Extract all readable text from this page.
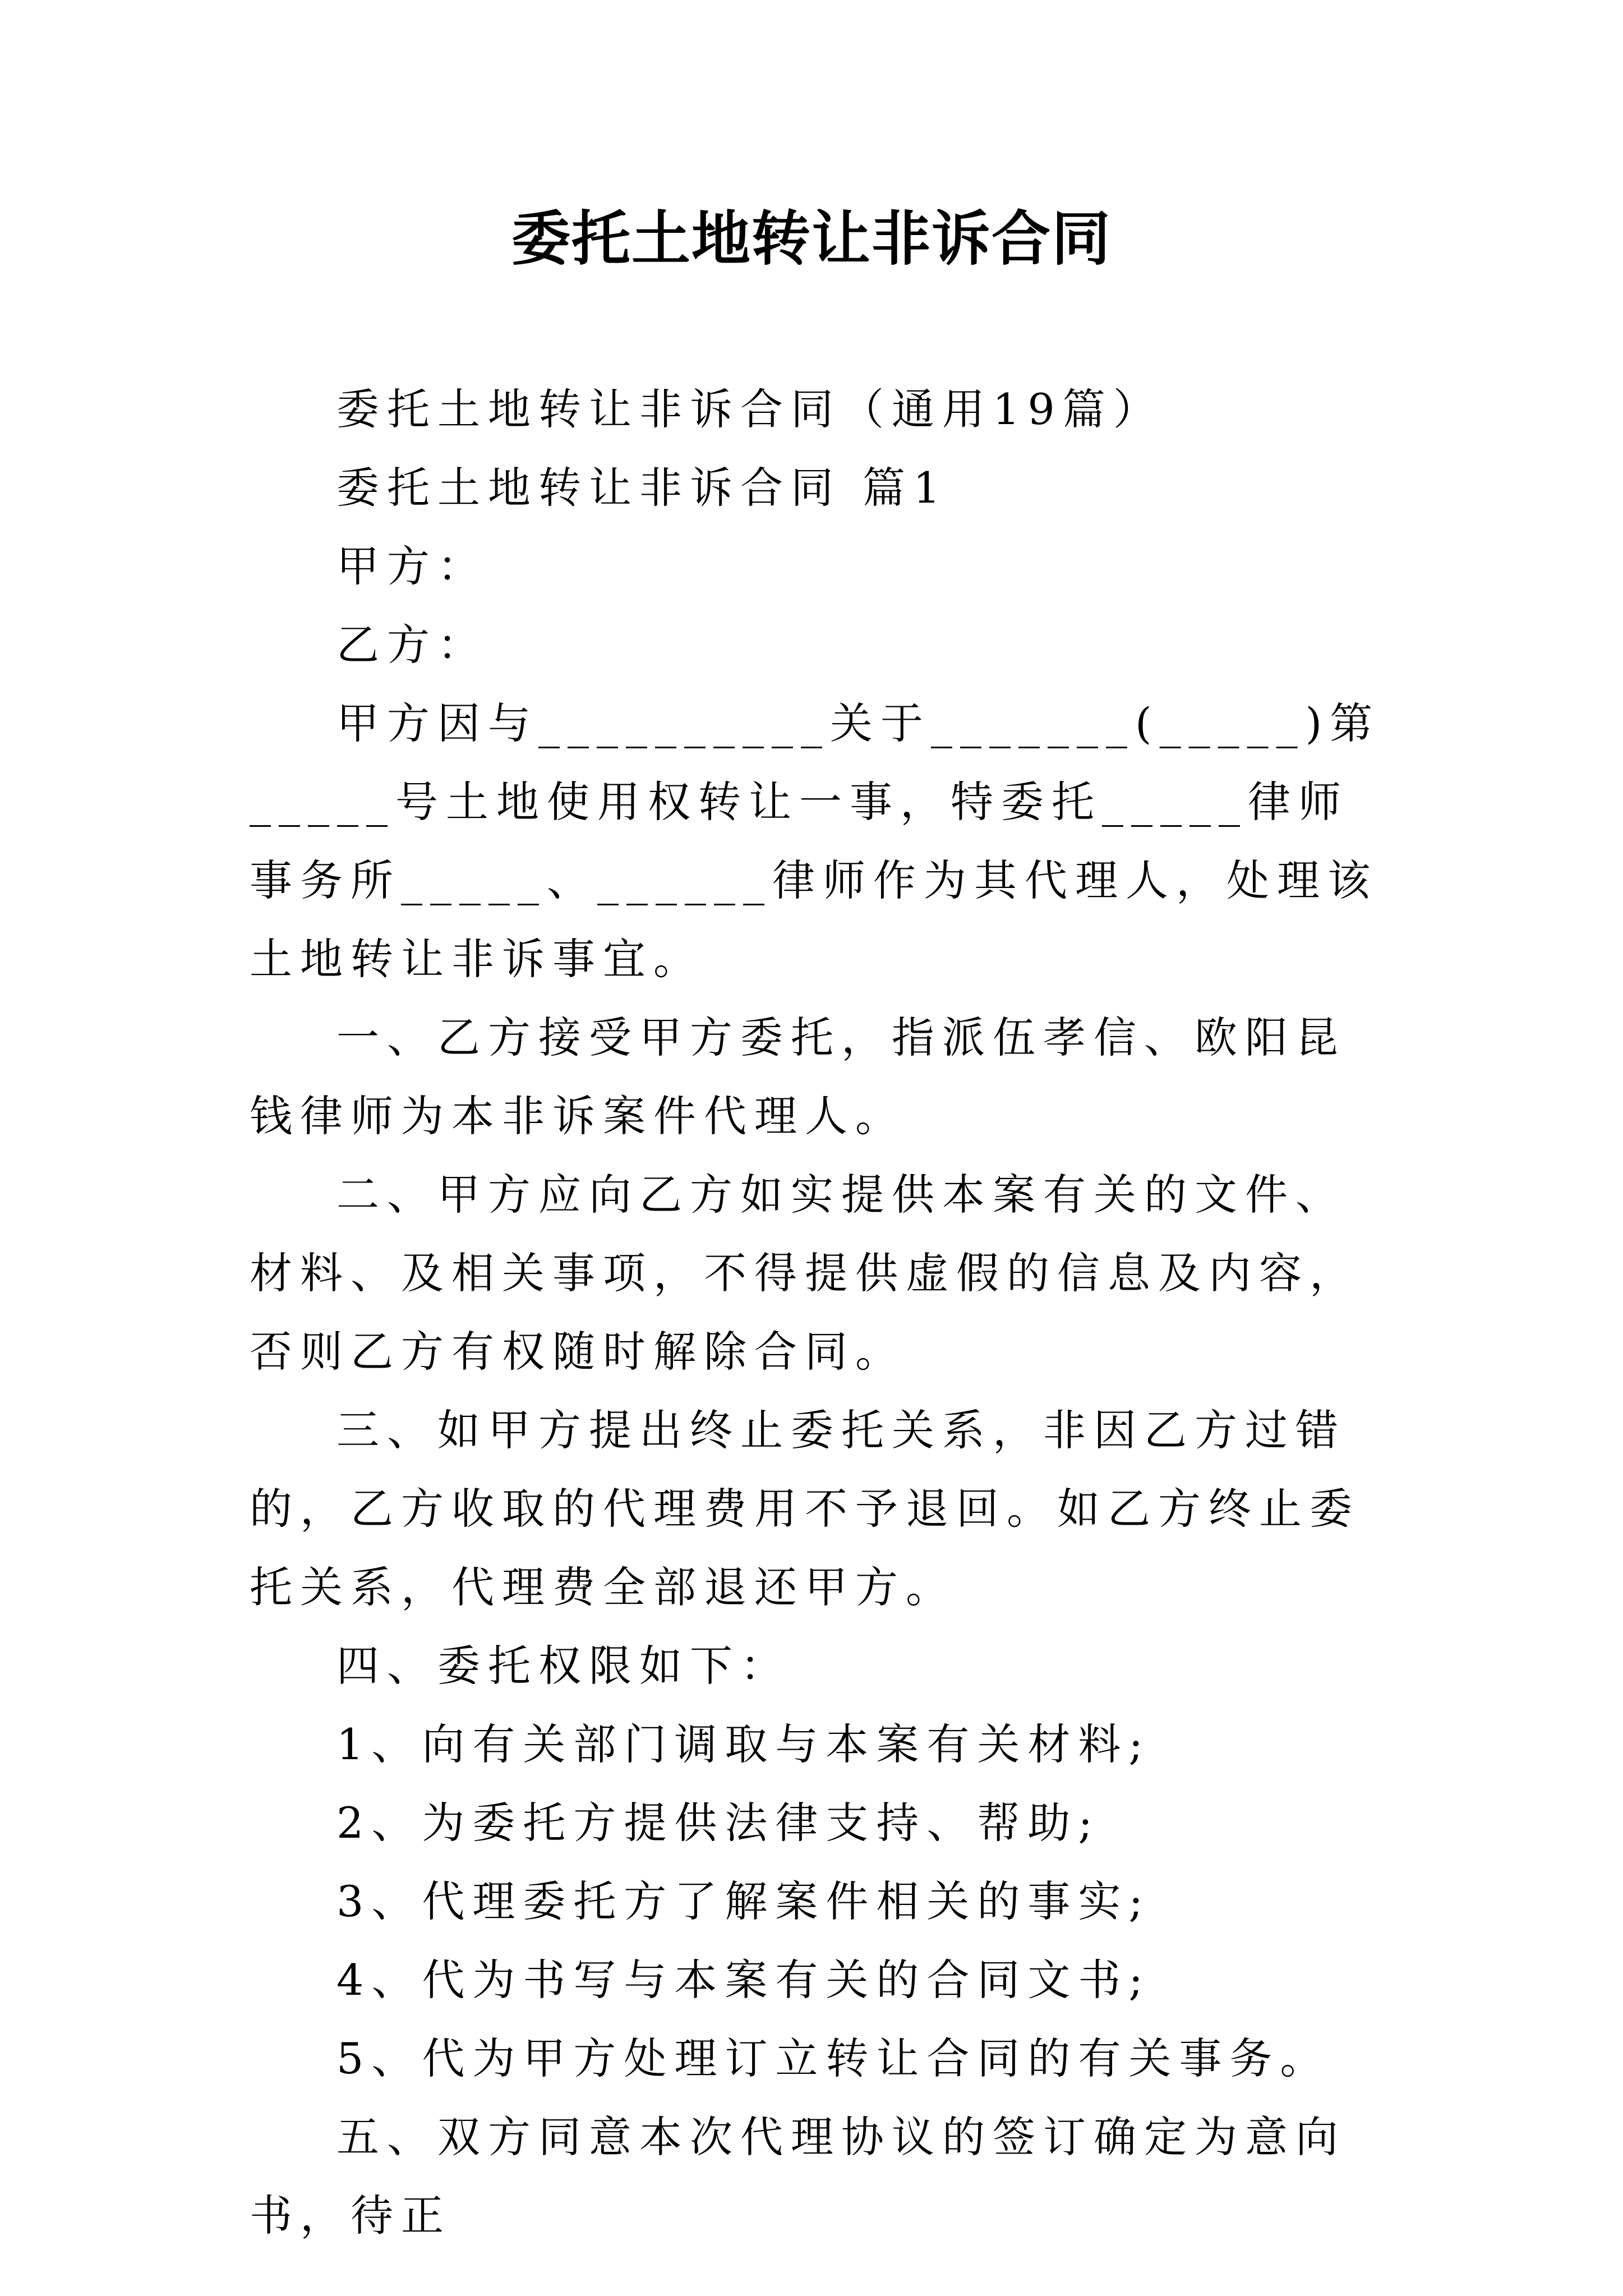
委托土地转让非诉合同

委托土地转让非诉合同（通用19篇）

委托土地转让非诉合同 篇1

甲方：

乙方：

甲方因与__________关于_______(_____)第_____号土地使用权转让一事，特委托_____律师事务所_____、______律师作为其代理人，处理该土地转让非诉事宜。

一、乙方接受甲方委托，指派伍孝信、欧阳昆钱律师为本非诉案件代理人。

二、甲方应向乙方如实提供本案有关的文件、材料、及相关事项，不得提供虚假的信息及内容，否则乙方有权随时解除合同。

三、如甲方提出终止委托关系，非因乙方过错的，乙方收取的代理费用不予退回。如乙方终止委托关系，代理费全部退还甲方。

四、委托权限如下：

1、向有关部门调取与本案有关材料;

2、为委托方提供法律支持、帮助;

3、代理委托方了解案件相关的事实;

4、代为书写与本案有关的合同文书;

5、代为甲方处理订立转让合同的有关事务。

五、双方同意本次代理协议的签订确定为意向书，待正
